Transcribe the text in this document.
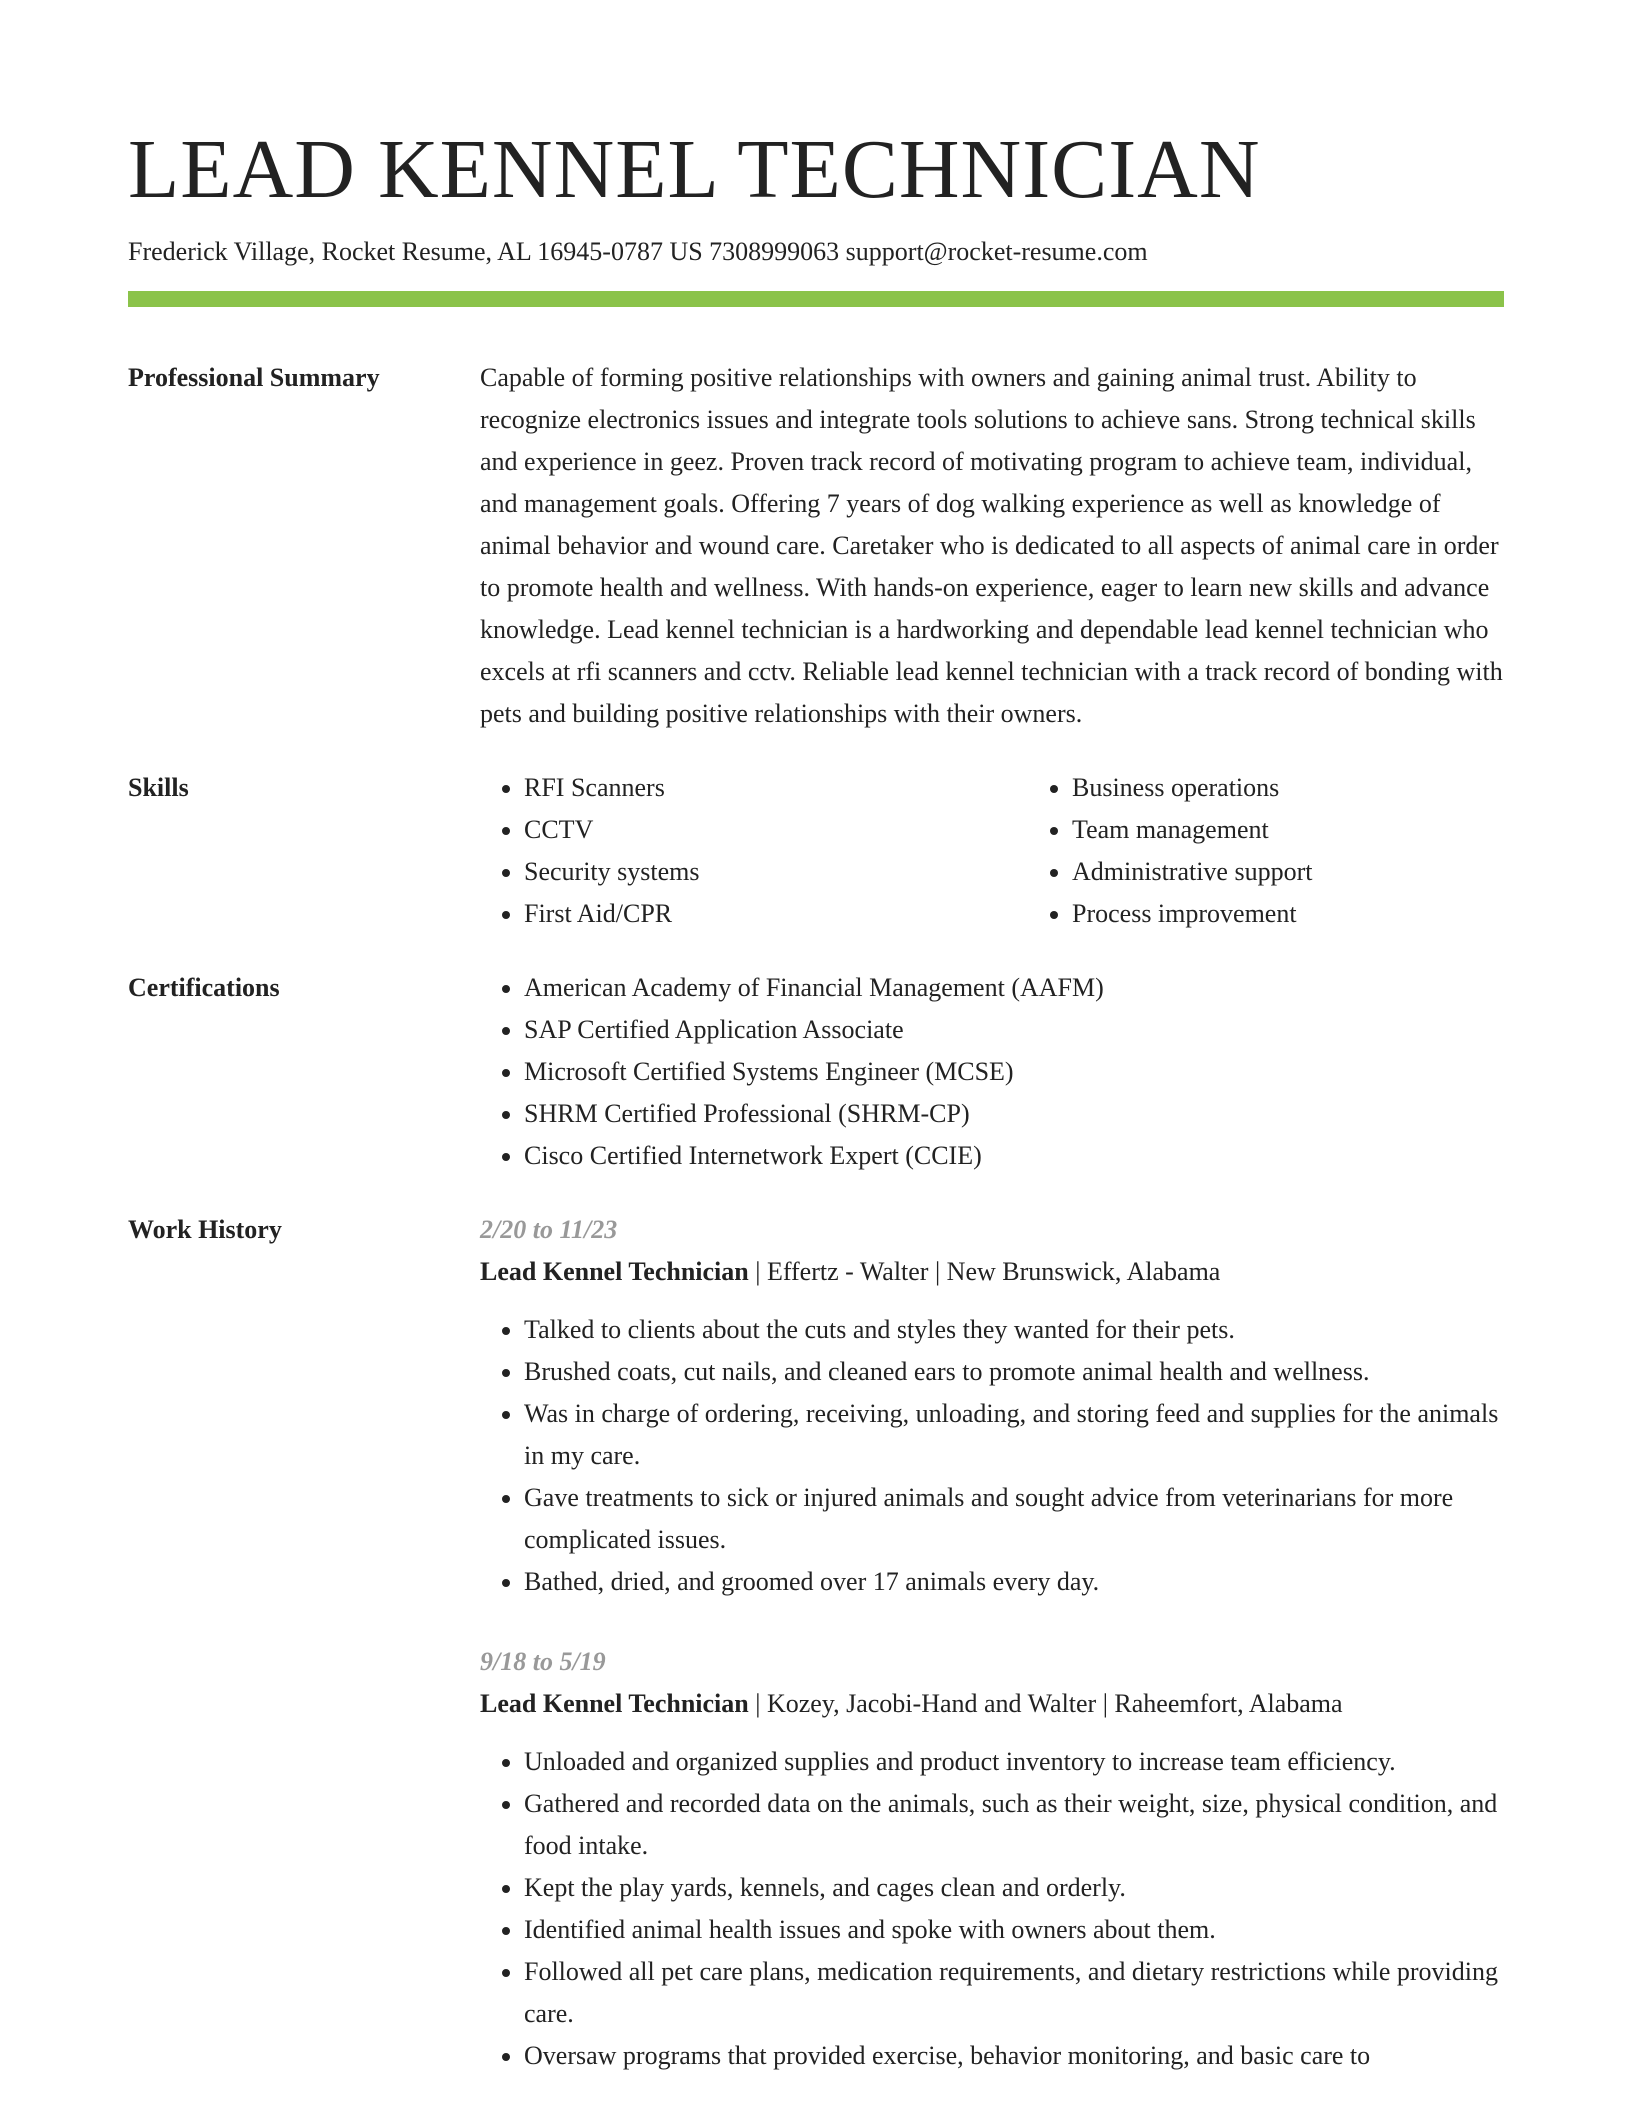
LEAD KENNEL TECHNICIAN
Frederick Village, Rocket Resume, AL 16945-0787 US 7308999063 support@rocket-resume.com
Professional Summary	Capable of forming positive relationships with owners and gaining animal trust. Ability to recognize electronics issues and integrate tools solutions to achieve sans. Strong technical skills and experience in geez. Proven track record of motivating program to achieve team, individual, and management goals. Offering 7 years of dog walking experience as well as knowledge of animal behavior and wound care. Caretaker who is dedicated to all aspects of animal care in order to promote health and wellness. With hands-on experience, eager to learn new skills and advance knowledge. Lead kennel technician is a hardworking and dependable lead kennel technician who excels at rfi scanners and cctv. Reliable lead kennel technician with a track record of bonding with pets and building positive relationships with their owners.
Skills	• RFI Scanners
• CCTV
• Security systems
• First Aid/CPR
• Business operations
• Team management
• Administrative support
• Process improvement
Certifications	• American Academy of Financial Management (AAFM)
• SAP Certified Application Associate
• Microsoft Certified Systems Engineer (MCSE)
• SHRM Certified Professional (SHRM-CP)
• Cisco Certified Internetwork Expert (CCIE)
Work History	2/20 to 11/23
Lead Kennel Technician | Effertz - Walter | New Brunswick, Alabama
• Talked to clients about the cuts and styles they wanted for their pets.
• Brushed coats, cut nails, and cleaned ears to promote animal health and wellness.
• Was in charge of ordering, receiving, unloading, and storing feed and supplies for the animals in my care.
• Gave treatments to sick or injured animals and sought advice from veterinarians for more complicated issues.
• Bathed, dried, and groomed over 17 animals every day.
9/18 to 5/19
Lead Kennel Technician | Kozey, Jacobi-Hand and Walter | Raheemfort, Alabama
• Unloaded and organized supplies and product inventory to increase team efficiency.
• Gathered and recorded data on the animals, such as their weight, size, physical condition, and food intake.
• Kept the play yards, kennels, and cages clean and orderly.
• Identified animal health issues and spoke with owners about them.
• Followed all pet care plans, medication requirements, and dietary restrictions while providing care.
• Oversaw programs that provided exercise, behavior monitoring, and basic care to
